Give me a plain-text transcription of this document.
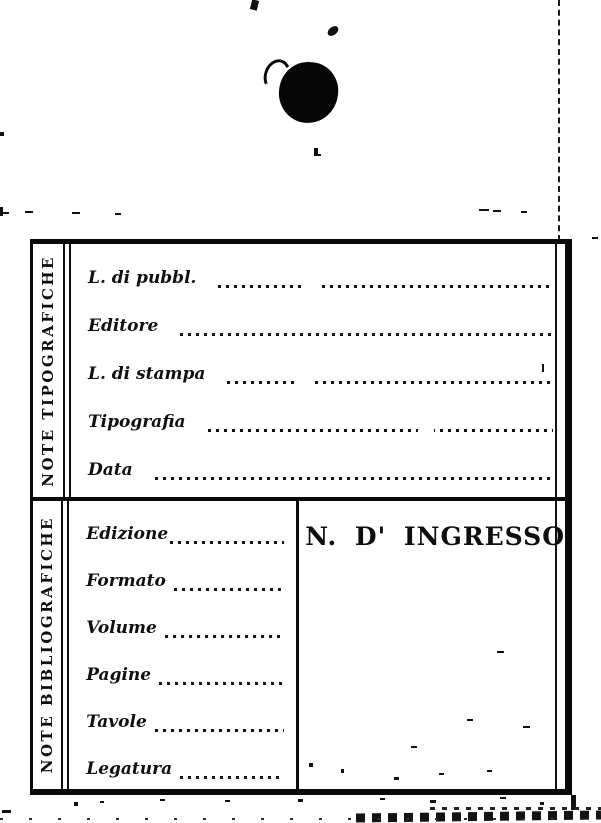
NOTE TIPOGRAFICHE L. di pubbl.
Editore
L. di stampa
Tipografia
Data
NOTE BIBLIOGRAFICHE Edizione
Formato
Volume
Pagine
Tavole
Legatura
N. D' INGRESSO
